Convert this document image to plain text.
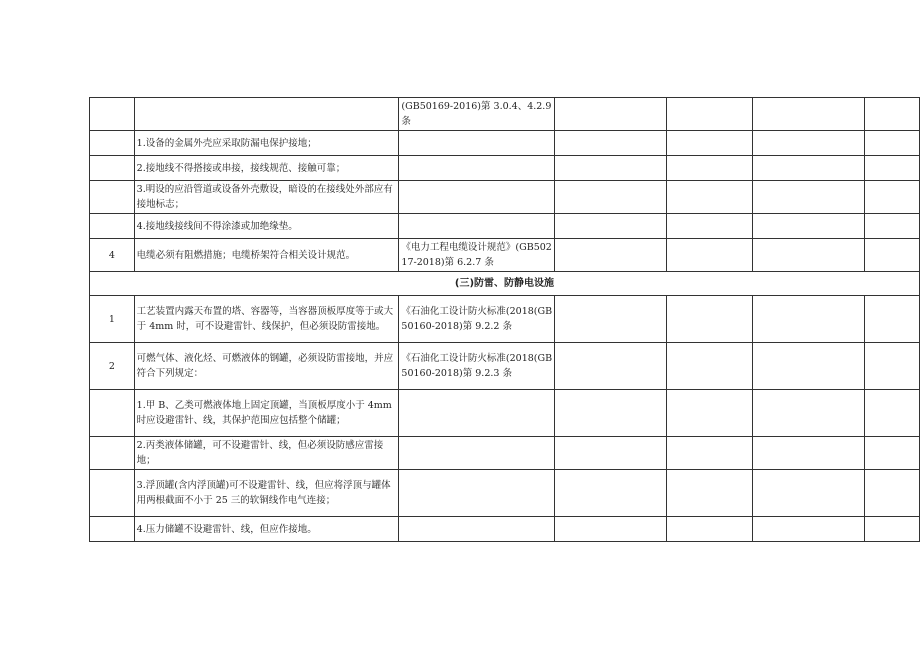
		(GB50169-2016)第 3.0.4、4.2.9 条				
	1.设备的金属外壳应采取防漏电保护接地；					
	2.接地线不得搭接或串接，接线规范、接触可靠；					
	3.明设的应沿管道或设备外壳敷设，暗设的在接线处外部应有接地标志；					
	4.接地线接线间不得涂漆或加绝缘垫。					
4	电缆必须有阻燃措施；电缆桥架符合相关设计规范。	《电力工程电缆设计规范》(GB50217-2018)第 6.2.7 条				
(三)防雷、防静电设施						
1	工艺装置内露天布置的塔、容器等，当容器顶板厚度等于或大于 4mm 时，可不设避雷针、线保护，但必须设防雷接地。	《石油化工设计防火标准(2018(GB50160-2018)第 9.2.2 条				
2	可燃气体、液化烃、可燃液体的钢罐，必须设防雷接地，并应符合下列规定：	《石油化工设计防火标准(2018(GB50160-2018)第 9.2.3 条				
	1.甲 B、乙类可燃液体地上固定顶罐，当顶板厚度小于 4mm 时应设避雷针、线，其保护范围应包括整个储罐；					
	2.丙类液体储罐，可不设避雷针、线，但必须设防感应雷接地；					
	3.浮顶罐(含内浮顶罐)可不设避雷针、线，但应将浮顶与罐体用两根截面不小于 25 三的软铜线作电气连接；					
	4.压力储罐不设避雷针、线，但应作接地。					
